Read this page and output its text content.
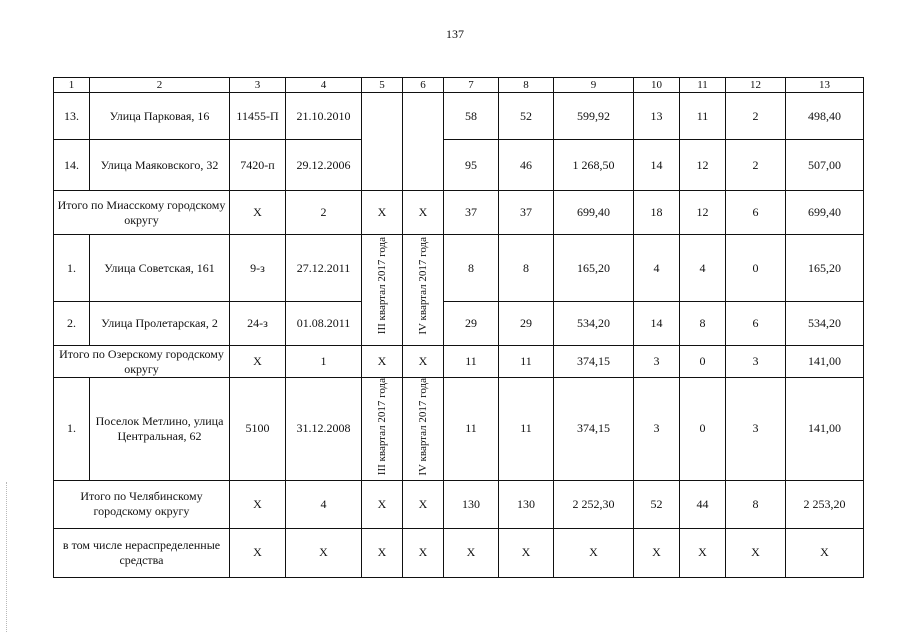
137
1	2	3	4	5	6	7	8	9	10	11	12	13
13.	Улица Парковая, 16	11455-П	21.10.2010			58	52	599,92	13	11	2	498,40
14.	Улица Маяковского, 32	7420-п	29.12.2006			95	46	1 268,50	14	12	2	507,00
Итого по Миасскому городскому округу		X	2	X	X	37	37	699,40	18	12	6	699,40
1.	Улица Советская, 161	9-з	27.12.2011	III квартал 2017 года	IV квартал 2017 года	8	8	165,20	4	4	0	165,20
2.	Улица Пролетарская, 2	24-з	01.08.2011			29	29	534,20	14	8	6	534,20
Итого по Озерскому городскому округу		X	1	X	X	11	11	374,15	3	0	3	141,00
1.	Поселок Метлино, улица Центральная, 62	5100	31.12.2008	III квартал 2017 года	IV квартал 2017 года	11	11	374,15	3	0	3	141,00
Итого по Челябинскому городскому округу		X	4	X	X	130	130	2 252,30	52	44	8	2 253,20
в том числе нераспределенные средства		X	X	X	X	X	X	X	X	X	X	X
